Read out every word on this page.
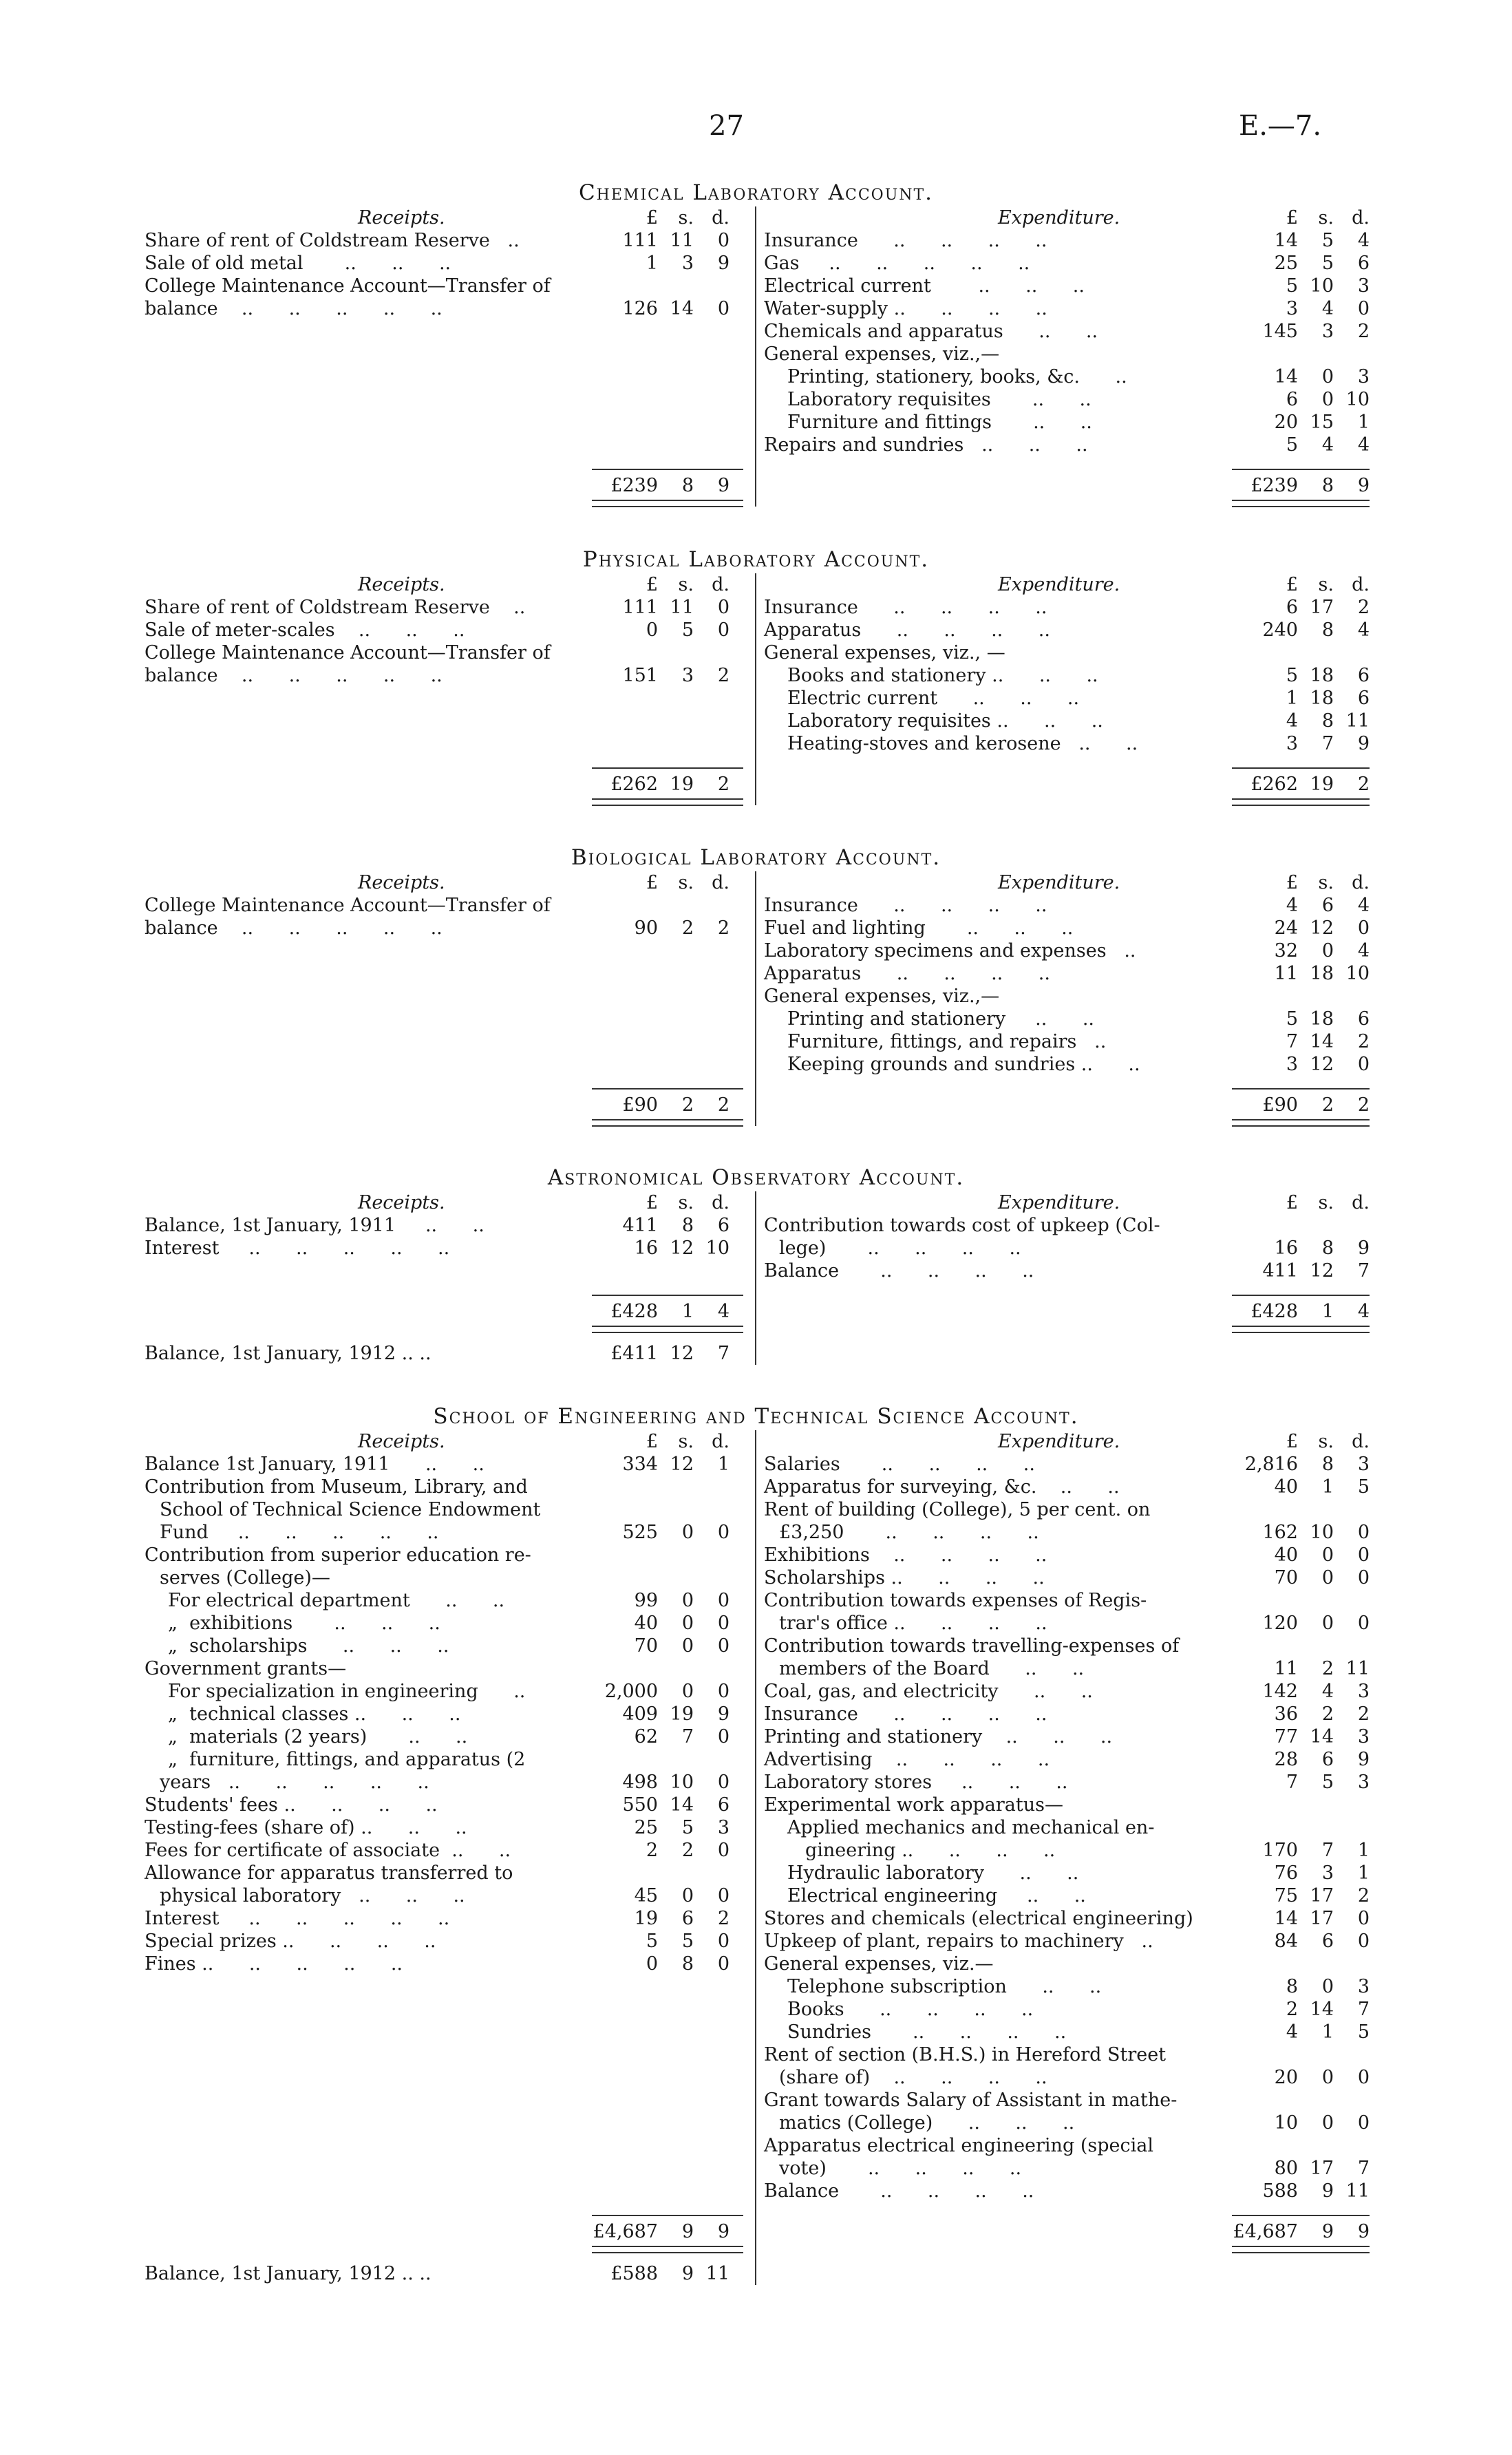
27	E.—7.
Chemical Laboratory Account.
Receipts.	£ s. d.
Share of rent of Coldstream Reserve   ..	111 11 0
Sale of old metal       ..      ..      ..	1 3 9
College Maintenance Account—Transfer of
balance    ..      ..      ..      ..      ..	126 14 0
Expenditure.	£ s. d.
Insurance      ..      ..      ..      ..	14 5 4
Gas     ..      ..      ..      ..      ..	25 5 6
Electrical current        ..      ..      ..	5 10 3
Water-supply ..      ..      ..      ..	3 4 0
Chemicals and apparatus      ..      ..	145 3 2
General expenses, viz.,—
Printing, stationery, books, &c.      ..	14 0 3
Laboratory requisites       ..      ..	6 0 10
Furniture and fittings       ..      ..	20 15 1
Repairs and sundries   ..      ..      ..	5 4 4
£239 8 9	£239 8 9
Physical Laboratory Account.
Receipts.	£ s. d.
Share of rent of Coldstream Reserve    ..	111 11 0
Sale of meter-scales    ..      ..      ..	0 5 0
College Maintenance Account—Transfer of
balance    ..      ..      ..      ..      ..	151 3 2
Expenditure.	£ s. d.
Insurance      ..      ..      ..      ..	6 17 2
Apparatus      ..      ..      ..      ..	240 8 4
General expenses, viz., —
Books and stationery ..      ..      ..	5 18 6
Electric current      ..      ..      ..	1 18 6
Laboratory requisites ..      ..      ..	4 8 11
Heating-stoves and kerosene   ..      ..	3 7 9
£262 19 2	£262 19 2
Biological Laboratory Account.
Receipts.	£ s. d.
College Maintenance Account—Transfer of
balance    ..      ..      ..      ..      ..	90 2 2
Expenditure.	£ s. d.
Insurance      ..      ..      ..      ..	4 6 4
Fuel and lighting       ..      ..      ..	24 12 0
Laboratory specimens and expenses   ..	32 0 4
Apparatus      ..      ..      ..      ..	11 18 10
General expenses, viz.,—
Printing and stationery     ..      ..	5 18 6
Furniture, fittings, and repairs   ..	7 14 2
Keeping grounds and sundries ..      ..	3 12 0
£90 2 2	£90 2 2
Astronomical Observatory Account.
Receipts.	£ s. d.
Balance, 1st January, 1911     ..      ..	411 8 6
Interest     ..      ..      ..      ..      ..	16 12 10
Expenditure.	£ s. d.
Contribution towards cost of upkeep (Col-
lege)       ..      ..      ..      ..	16 8 9
Balance       ..      ..      ..      ..	411 12 7
£428 1 4	£428 1 4
Balance, 1st January, 1912 .. ..	£411 12 7
School of Engineering and Technical Science Account.
Receipts.	£ s. d.
Balance 1st January, 1911      ..      ..	334 12 1
Contribution from Museum, Library, and
School of Technical Science Endowment
Fund     ..      ..      ..      ..      ..	525 0 0
Contribution from superior education re-
serves (College)—
For electrical department      ..      ..	99 0 0
„  exhibitions       ..      ..      ..	40 0 0
„  scholarships      ..      ..      ..	70 0 0
Government grants—
For specialization in engineering      ..	2,000 0 0
„  technical classes ..      ..      ..	409 19 9
„  materials (2 years)       ..      ..	62 7 0
„  furniture, fittings, and apparatus (2
years   ..      ..      ..      ..      ..	498 10 0
Students' fees ..      ..      ..      ..	550 14 6
Testing-fees (share of) ..      ..      ..	25 5 3
Fees for certificate of associate  ..      ..	2 2 0
Allowance for apparatus transferred to
physical laboratory   ..      ..      ..	45 0 0
Interest     ..      ..      ..      ..      ..	19 6 2
Special prizes ..      ..      ..      ..	5 5 0
Fines ..      ..      ..      ..      ..	0 8 0
Expenditure.	£ s. d.
Salaries       ..      ..      ..      ..	2,816 8 3
Apparatus for surveying, &c.    ..      ..	40 1 5
Rent of building (College), 5 per cent. on
£3,250       ..      ..      ..      ..	162 10 0
Exhibitions    ..      ..      ..      ..	40 0 0
Scholarships ..      ..      ..      ..	70 0 0
Contribution towards expenses of Regis-
trar's office ..      ..      ..      ..	120 0 0
Contribution towards travelling-expenses of
members of the Board      ..      ..	11 2 11
Coal, gas, and electricity      ..      ..	142 4 3
Insurance      ..      ..      ..      ..	36 2 2
Printing and stationery    ..      ..      ..	77 14 3
Advertising    ..      ..      ..      ..	28 6 9
Laboratory stores     ..      ..      ..	7 5 3
Experimental work apparatus—
Applied mechanics and mechanical en-
gineering ..      ..      ..      ..	170 7 1
Hydraulic laboratory      ..      ..	76 3 1
Electrical engineering     ..      ..	75 17 2
Stores and chemicals (electrical engineering)	14 17 0
Upkeep of plant, repairs to machinery   ..	84 6 0
General expenses, viz.—
Telephone subscription      ..      ..	8 0 3
Books      ..      ..      ..      ..	2 14 7
Sundries       ..      ..      ..      ..	4 1 5
Rent of section (B.H.S.) in Hereford Street
(share of)    ..      ..      ..      ..	20 0 0
Grant towards Salary of Assistant in mathe-
matics (College)      ..      ..      ..	10 0 0
Apparatus electrical engineering (special
vote)       ..      ..      ..      ..	80 17 7
Balance       ..      ..      ..      ..	588 9 11
£4,687 9 9	£4,687 9 9
Balance, 1st January, 1912 .. ..	£588 9 11
